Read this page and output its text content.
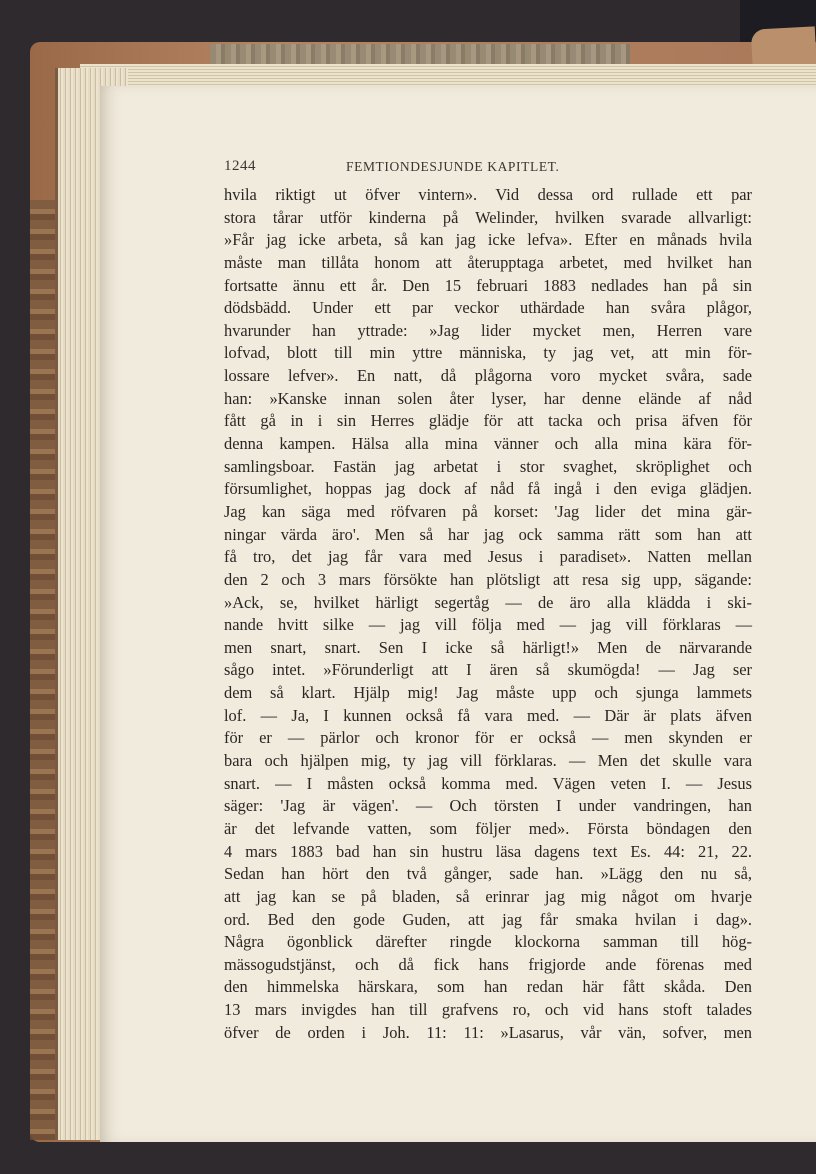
1244	FEMTIONDESJUNDE KAPITLET.
hvila riktigt ut öfver vintern». Vid dessa ord rullade ett par
stora tårar utför kinderna på Welinder, hvilken svarade allvarligt:
»Får jag icke arbeta, så kan jag icke lefva». Efter en månads hvila
måste man tillåta honom att återupptaga arbetet, med hvilket han
fortsatte ännu ett år. Den 15 februari 1883 nedlades han på sin
dödsbädd. Under ett par veckor uthärdade han svåra plågor,
hvarunder han yttrade: »Jag lider mycket men, Herren vare
lofvad, blott till min yttre människa, ty jag vet, att min för-
lossare lefver». En natt, då plågorna voro mycket svåra, sade
han: »Kanske innan solen åter lyser, har denne elände af nåd
fått gå in i sin Herres glädje för att tacka och prisa äfven för
denna kampen. Hälsa alla mina vänner och alla mina kära för-
samlingsboar. Fastän jag arbetat i stor svaghet, skröplighet och
försumlighet, hoppas jag dock af nåd få ingå i den eviga glädjen.
Jag kan säga med röfvaren på korset: 'Jag lider det mina gär-
ningar värda äro'. Men så har jag ock samma rätt som han att
få tro, det jag får vara med Jesus i paradiset». Natten mellan
den 2 och 3 mars försökte han plötsligt att resa sig upp, sägande:
»Ack, se, hvilket härligt segertåg — de äro alla klädda i ski-
nande hvitt silke — jag vill följa med — jag vill förklaras —
men snart, snart. Sen I icke så härligt!» Men de närvarande
sågo intet. »Förunderligt att I ären så skumögda! — Jag ser
dem så klart. Hjälp mig! Jag måste upp och sjunga lammets
lof. — Ja, I kunnen också få vara med. — Där är plats äfven
för er — pärlor och kronor för er också — men skynden er
bara och hjälpen mig, ty jag vill förklaras. — Men det skulle vara
snart. — I måsten också komma med. Vägen veten I. — Jesus
säger: 'Jag är vägen'. — Och törsten I under vandringen, han
är det lefvande vatten, som följer med». Första böndagen den
4 mars 1883 bad han sin hustru läsa dagens text Es. 44: 21, 22.
Sedan han hört den två gånger, sade han. »Lägg den nu så,
att jag kan se på bladen, så erinrar jag mig något om hvarje
ord. Bed den gode Guden, att jag får smaka hvilan i dag».
Några ögonblick därefter ringde klockorna samman till hög-
mässogudstjänst, och då fick hans frigjorde ande förenas med
den himmelska härskara, som han redan här fått skåda. Den
13 mars invigdes han till grafvens ro, och vid hans stoft talades
öfver de orden i Joh. 11: 11: »Lasarus, vår vän, sofver, men
